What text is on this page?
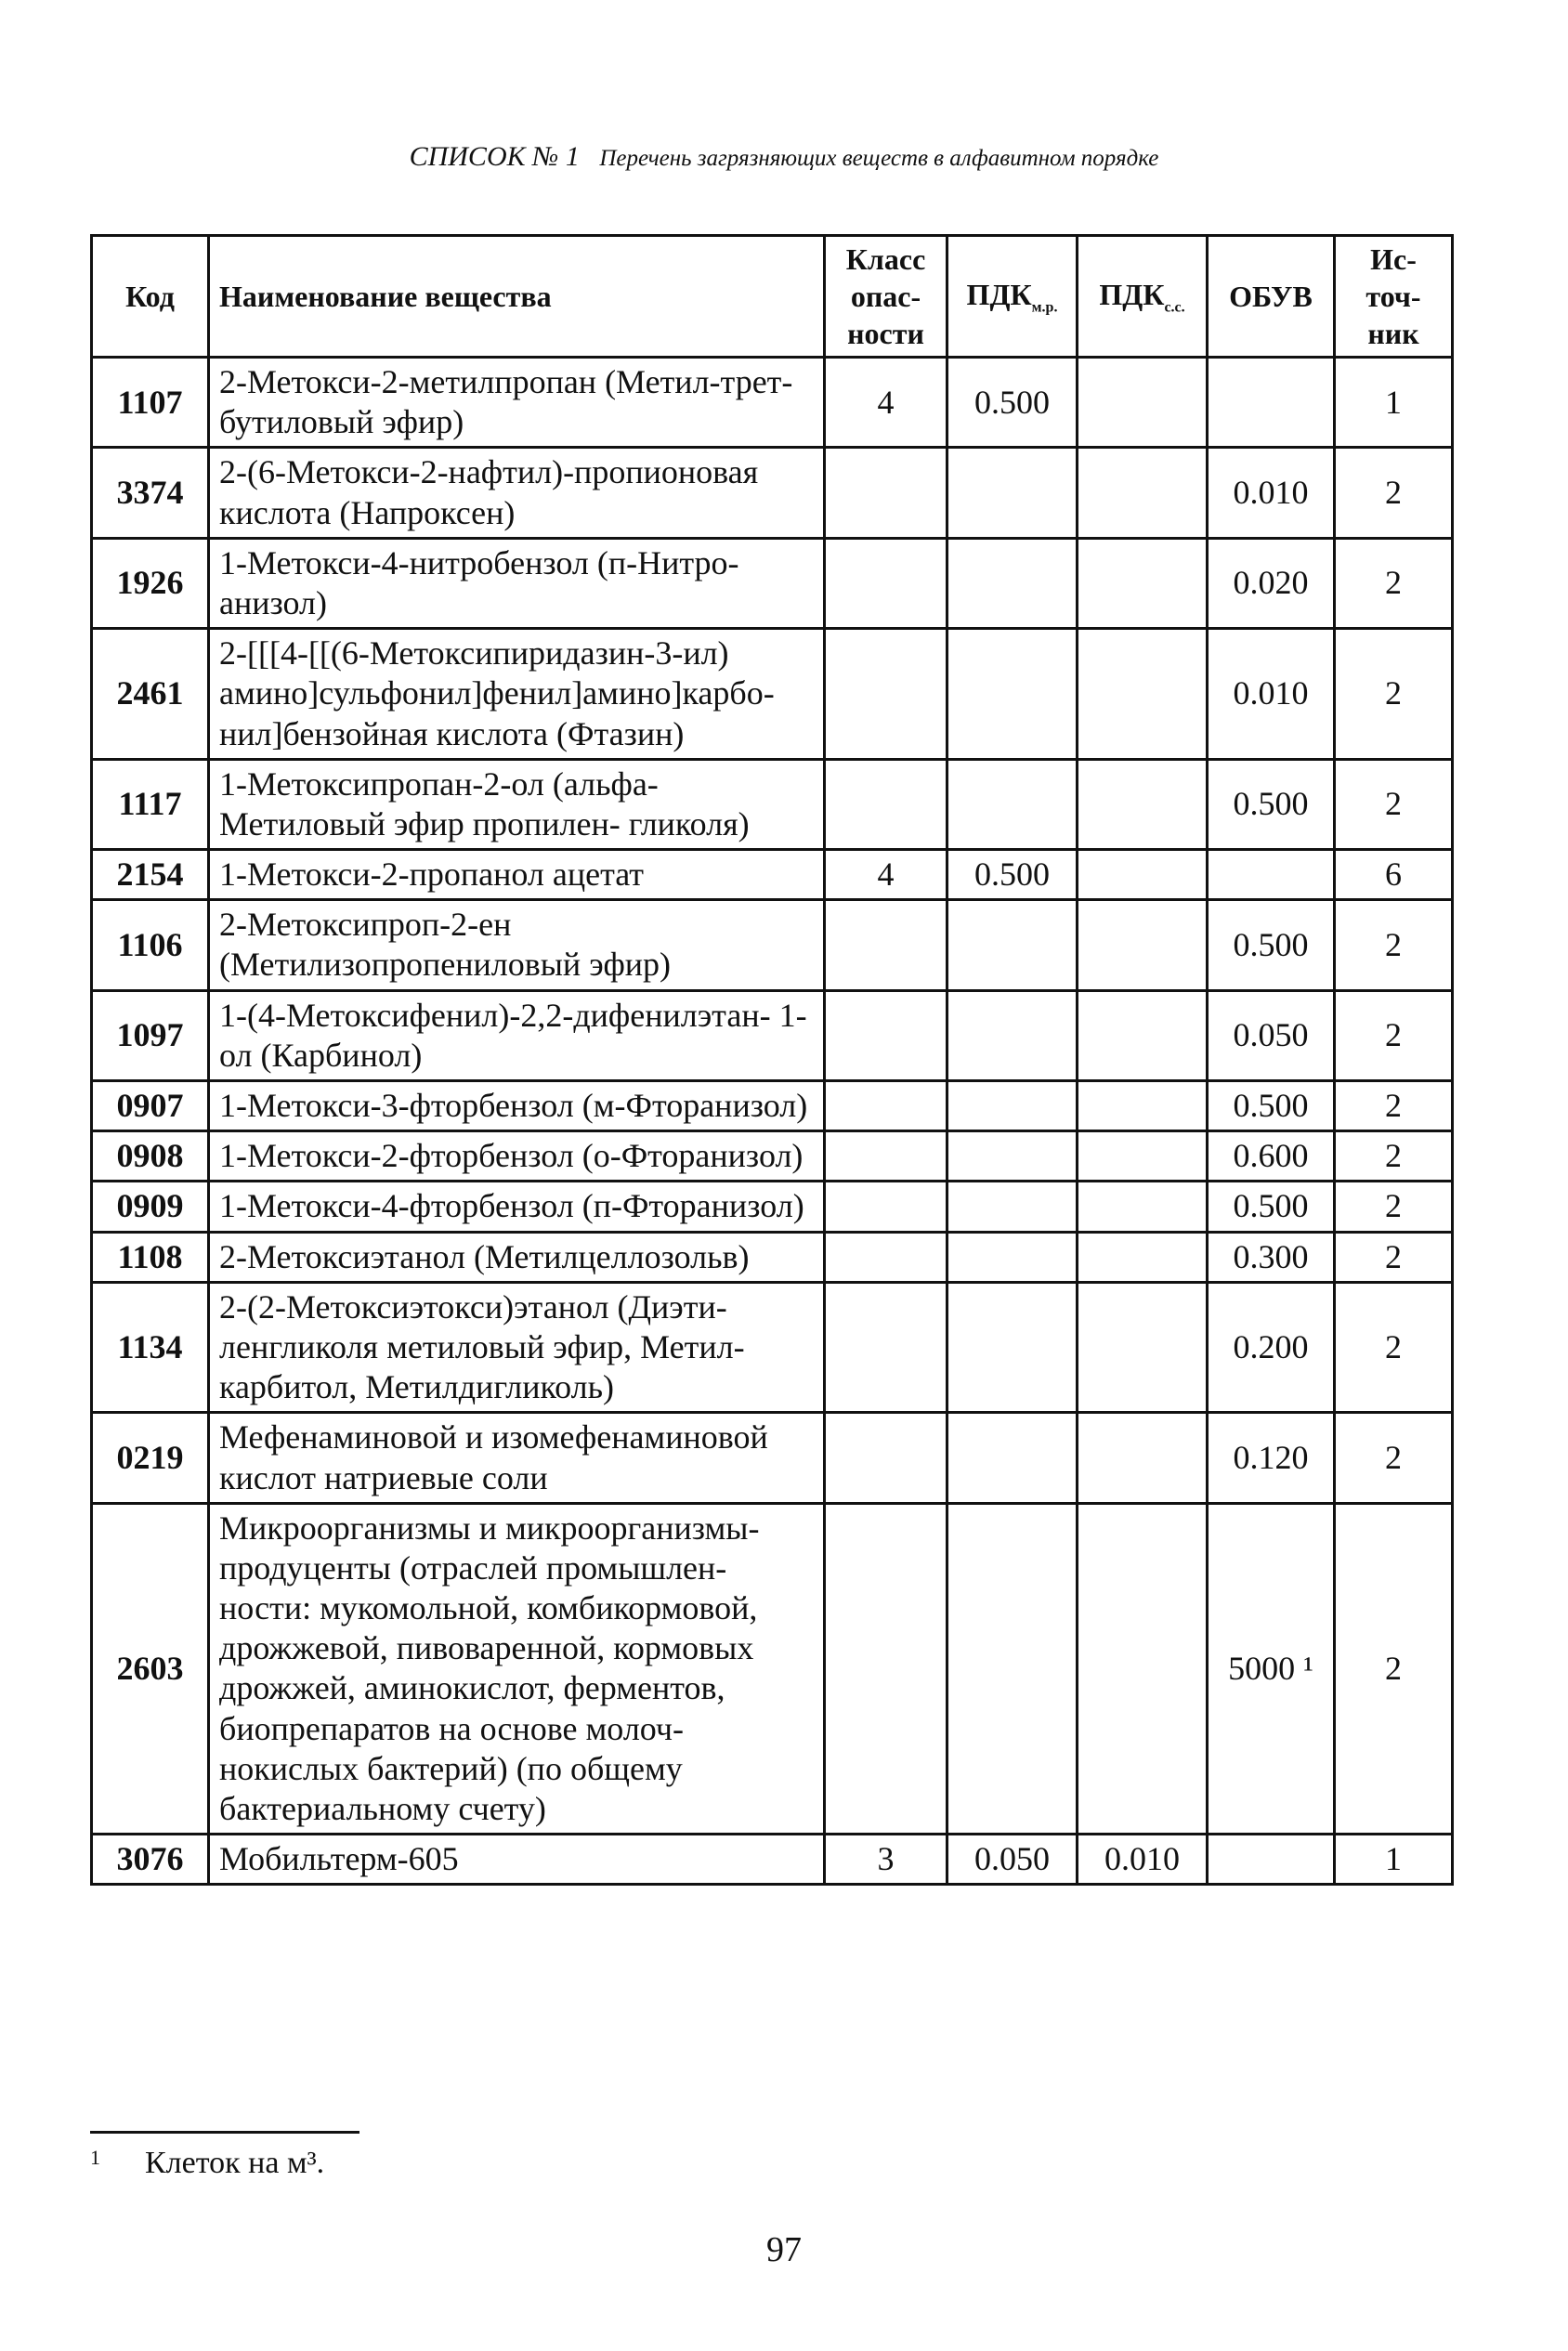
СПИСОК № 1 Перечень загрязняющих веществ в алфавитном порядке
Код	Наименование вещества	Класс опас- ности	$ПДК_{м.р.}$	$ПДК_{с.с.}$	ОБУВ	Ис- точ- ник
1107	2-Метокси-2-метилпропан (Метил-трет-бутиловый эфир)	4	0.500			1
3374	2-(6-Метокси-2-нафтил)-пропионовая кислота (Напроксен)				0.010	2
1926	1-Метокси-4-нитробензол (п-Нитро- анизол)				0.020	2
2461	2-[[[4-[[(6-Метоксипиридазин-3-ил) амино]сульфонил]фенил]амино]карбо- нил]бензойная кислота (Фтазин)				0.010	2
1117	1-Метоксипропан-2-ол (альфа-Метиловый эфир пропилен- гликоля)				0.500	2
2154	1-Метокси-2-пропанол ацетат	4	0.500			6
1106	2-Метоксипроп-2-ен (Метилизопропениловый эфир)				0.500	2
1097	1-(4-Метоксифенил)-2,2-дифенилэтан- 1-ол (Карбинол)				0.050	2
0907	1-Метокси-3-фторбензол (м-Фторанизол)				0.500	2
0908	1-Метокси-2-фторбензол (о-Фторанизол)				0.600	2
0909	1-Метокси-4-фторбензол (п-Фторанизол)				0.500	2
1108	2-Метоксиэтанол (Метилцеллозольв)				0.300	2
1134	2-(2-Метоксиэтокси)этанол (Диэти- ленгликоля метиловый эфир, Метил- карбитол, Метилдигликоль)				0.200	2
0219	Мефенаминовой и изомефенаминовой кислот натриевые соли				0.120	2
2603	Микроорганизмы и микроорганизмы- продуценты (отраслей промышлен- ности: мукомольной, комбикормовой, дрожжевой, пивоваренной, кормовых дрожжей, аминокислот, ферментов, биопрепаратов на основе молоч- нокислых бактерий) (по общему бактериальному счету)				5000 ¹	2
3076	Мобильтерм-605	3	0.050	0.010		1
$^1$ Клеток на м³.
97
